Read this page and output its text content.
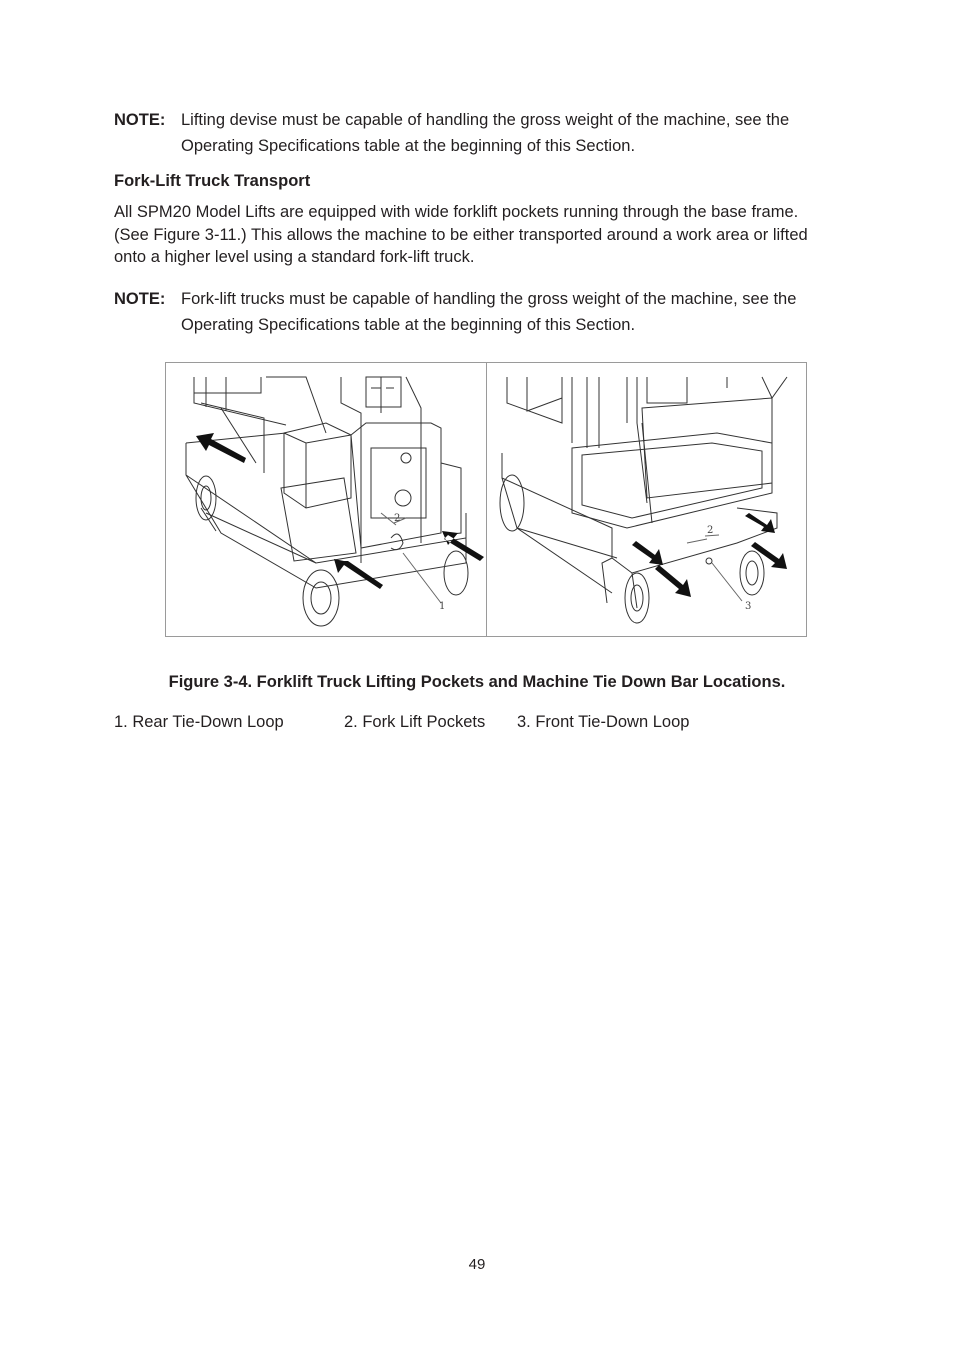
NOTE: Lifting devise must be capable of handling the gross weight of the machine, see the Operating Specifications table at the beginning of this Section.
Fork-Lift Truck Transport
All SPM20 Model Lifts are equipped with wide forklift pockets running through the base frame. (See Figure 3-11.) This allows the machine to be either transported around a work area or lifted onto a higher level using a standard fork-lift truck.
NOTE: Fork-lift trucks must be capable of handling the gross weight of the machine, see the Operating Specifications table at the beginning of this Section.
2
1
2
3
Figure 3-4. Forklift Truck Lifting Pockets and Machine Tie Down Bar Locations.
1. Rear Tie-Down Loop	2. Fork Lift Pockets 3. Front Tie-Down Loop
49
